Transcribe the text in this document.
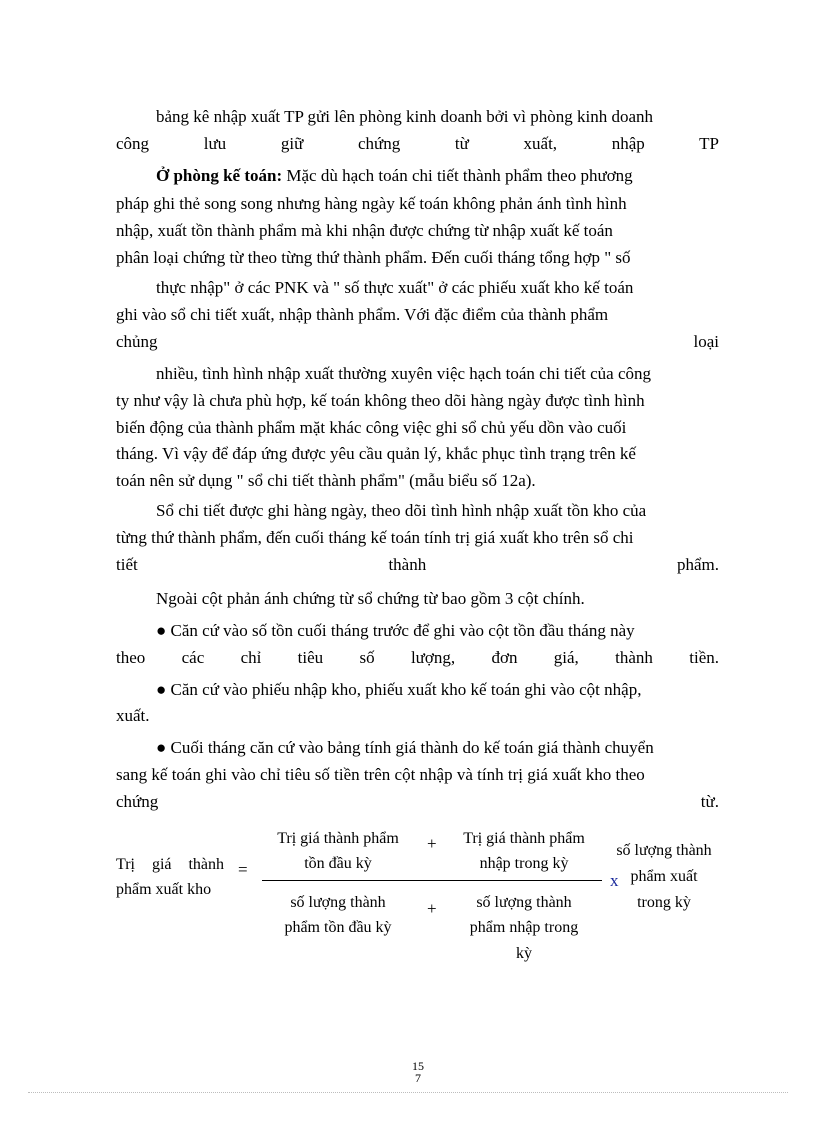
bảng kê nhập xuất TP gửi lên phòng kinh doanh bởi vì phòng kinh doanh
công lưu giữ chứng từ xuất, nhập TP
Ở phòng kế toán: Mặc dù hạch toán chi tiết thành phẩm theo phương
pháp ghi thẻ song song nhưng hàng ngày kế toán không phản ánh tình hình
nhập, xuất tồn thành phẩm mà khi nhận được chứng từ nhập xuất kế toán
phân loại chứng từ theo từng thứ thành phẩm. Đến cuối tháng tổng hợp " số
thực nhập" ở các PNK và " số thực xuất" ở các phiếu xuất kho kế toán
ghi vào sổ chi tiết xuất, nhập thành phẩm. Với đặc điểm của thành phẩm
chủng loại
nhiều, tình hình nhập xuất thường xuyên việc hạch toán chi tiết của công
ty như vậy là chưa phù hợp, kế toán không theo dõi hàng ngày được tình hình
biến động của thành phẩm mặt khác công việc ghi sổ chủ yếu dồn vào cuối
tháng. Vì vậy để đáp ứng được yêu cầu quản lý, khắc phục tình trạng trên kế
toán nên sử dụng " sổ chi tiết thành phẩm" (mẫu biểu số 12a).
Sổ chi tiết được ghi hàng ngày, theo dõi tình hình nhập xuất tồn kho của
từng thứ thành phẩm, đến cuối tháng kế toán tính trị giá xuất kho trên sổ chi
tiết thành phẩm.
Ngoài cột phản ánh chứng từ sổ chứng từ bao gồm 3 cột chính.
● Căn cứ vào số tồn cuối tháng trước để ghi vào cột tồn đầu tháng này
theo các chỉ tiêu số lượng, đơn giá, thành tiền.
● Căn cứ vào phiếu nhập kho, phiếu xuất kho kế toán ghi vào cột nhập,
xuất.
● Cuối tháng căn cứ vào bảng tính giá thành do kế toán giá thành chuyển
sang kế toán ghi vào chỉ tiêu số tiền trên cột nhập và tính trị giá xuất kho theo
chứng từ.
Trị giá thành
phẩm xuất kho
=
Trị giá thành phẩm
tồn đầu kỳ
+	Trị giá thành phẩm
nhập trong kỳ
số lượng thành
phẩm tồn đầu kỳ
+	số lượng thành
phẩm nhập trong
kỳ
x
số lượng thành
phẩm xuất
trong kỳ
15
7
